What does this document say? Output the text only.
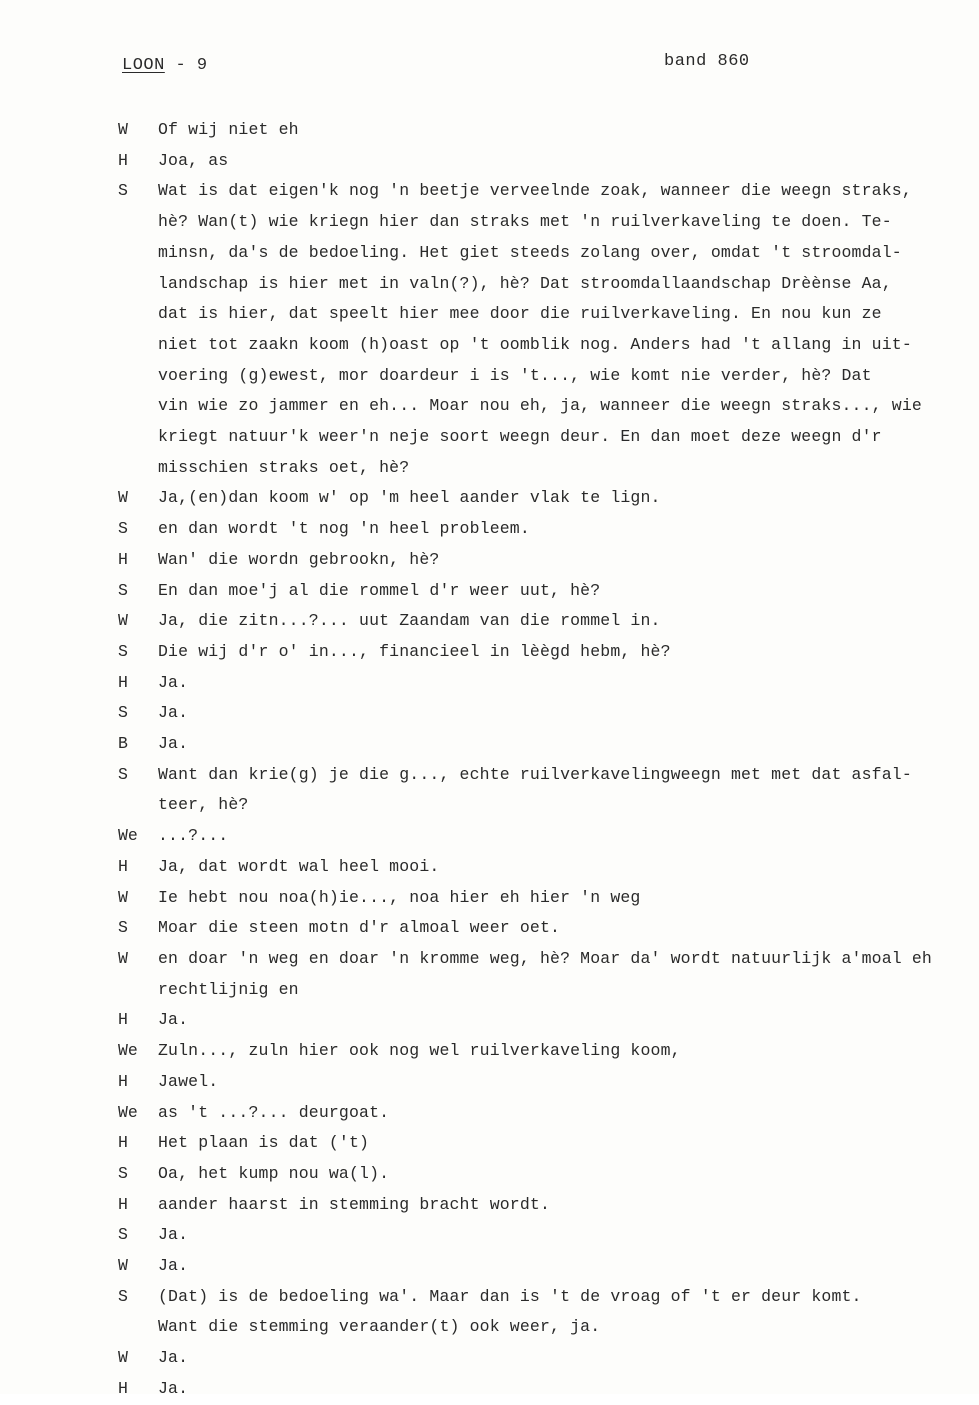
LOON - 9	band 860
W	Of wij niet eh
H	Joa, as
S	Wat is dat eigen'k nog 'n beetje verveelnde zoak, wanneer die weegn straks,
hè? Wan(t) wie kriegn hier dan straks met 'n ruilverkaveling te doen. Te-
minsn, da's de bedoeling. Het giet steeds zolang over, omdat 't stroomdal-
landschap is hier met in valn(?), hè? Dat stroomdallaandschap Drèènse Aa,
dat is hier, dat speelt hier mee door die ruilverkaveling. En nou kun ze
niet tot zaakn koom (h)oast op 't oomblik nog. Anders had 't allang in uit-
voering (g)ewest, mor doardeur i is 't..., wie komt nie verder, hè? Dat
vin wie zo jammer en eh... Moar nou eh, ja, wanneer die weegn straks..., wie
kriegt natuur'k weer'n neje soort weegn deur. En dan moet deze weegn d'r
misschien straks oet, hè?
W	Ja,(en)dan koom w' op 'm heel aander vlak te lign.
S	en dan wordt 't nog 'n heel probleem.
H	Wan' die wordn gebrookn, hè?
S	En dan moe'j al die rommel d'r weer uut, hè?
W	Ja, die zitn...?... uut Zaandam van die rommel in.
S	Die wij d'r o' in..., financieel in lèègd hebm, hè?
H	Ja.
S	Ja.
B	Ja.
S	Want dan krie(g) je die g..., echte ruilverkavelingweegn met met dat asfal-
teer, hè?
We	...?...
H	Ja, dat wordt wal heel mooi.
W	Ie hebt nou noa(h)ie..., noa hier eh hier 'n weg
S	Moar die steen motn d'r almoal weer oet.
W	en doar 'n weg en doar 'n kromme weg, hè? Moar da' wordt natuurlijk a'moal eh
rechtlijnig en
H	Ja.
We	Zuln..., zuln hier ook nog wel ruilverkaveling koom,
H	Jawel.
We	as 't ...?... deurgoat.
H	Het plaan is dat ('t)
S	Oa, het kump nou wa(l).
H	aander haarst in stemming bracht wordt.
S	Ja.
W	Ja.
S	(Dat) is de bedoeling wa'. Maar dan is 't de vroag of 't er deur komt.
Want die stemming veraander(t) ook weer, ja.
W	Ja.
H	Ja.
